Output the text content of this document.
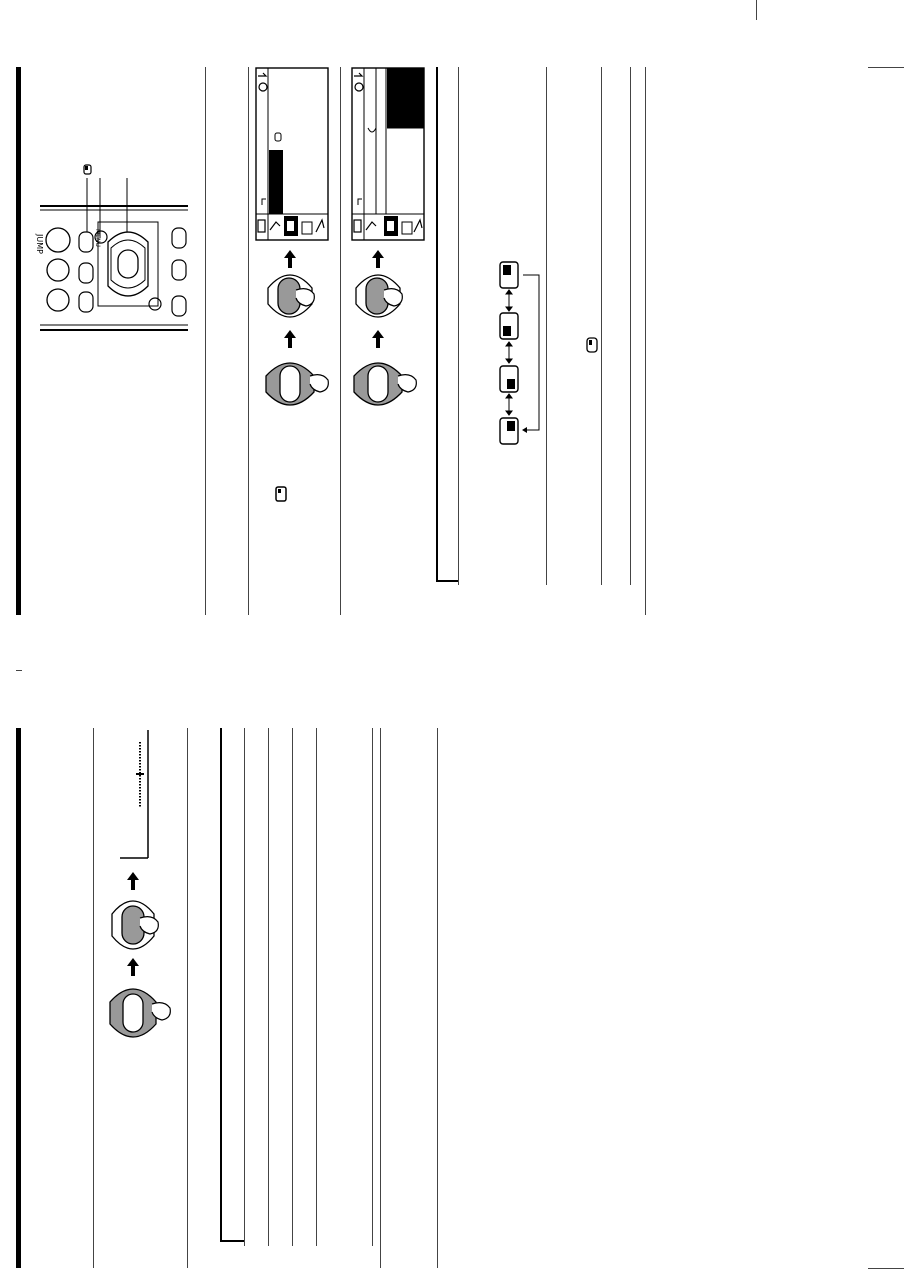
JUMP	MENU
